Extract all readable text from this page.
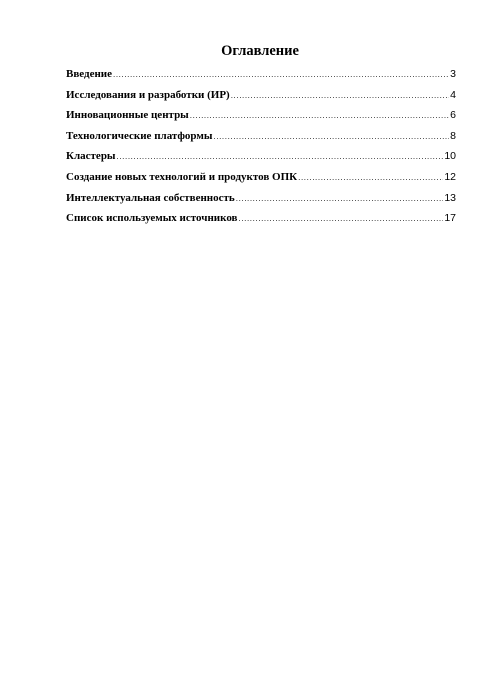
Оглавление
Введение .....	3
Исследования и разработки (ИР) .....	4
Инновационные центры .....	6
Технологические платформы .....	8
Кластеры .....	10
Создание новых технологий и продуктов ОПК .....	12
Интеллектуальная собственность .....	13
Список используемых источников .....	17
